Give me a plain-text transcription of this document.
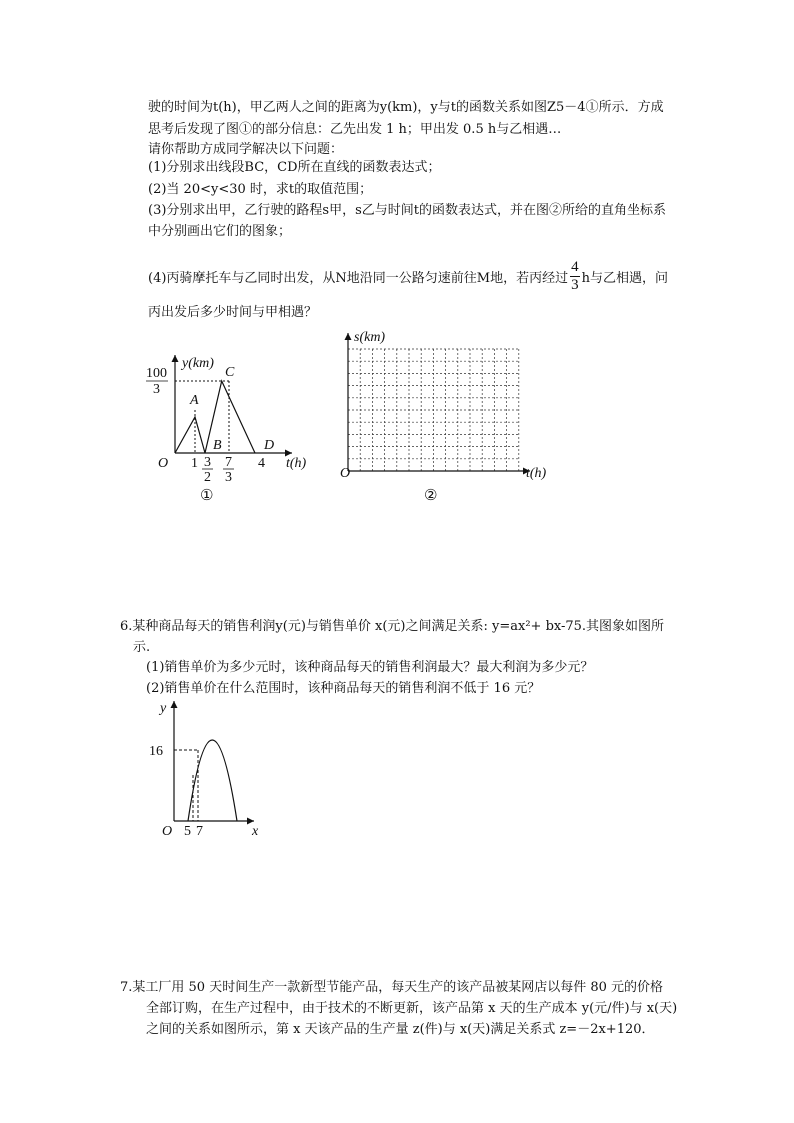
驶的时间为t(h)，甲乙两人之间的距离为y(km)，y与t的函数关系如图Z5－4①所示．方成
思考后发现了图①的部分信息：乙先出发 1 h；甲出发 0.5 h与乙相遇…
请你帮助方成同学解决以下问题：
(1)分别求出线段BC，CD所在直线的函数表达式；
(2)当 20<y<30 时，求t的取值范围；
(3)分别求出甲，乙行驶的路程s甲，s乙与时间t的函数表达式，并在图②所给的直角坐标系
中分别画出它们的图象；
(4)丙骑摩托车与乙同时出发，从N地沿同一公路匀速前往M地，若丙经过 $\frac{4}{3}$ h与乙相遇，问
丙出发后多少时间与甲相遇？
y(km)
t(h)
O
100
3
A
B
C
D
1 3
2
7
3
4
①
s(km)
t(h)
O
②
6.某种商品每天的销售利润y(元)与销售单价 x(元)之间满足关系: y=ax²+ bx-75.其图象如图所
示.
(1)销售单价为多少元时，该种商品每天的销售利润最大？最大利润为多少元？
(2)销售单价在什么范围时，该种商品每天的销售利润不低于 16 元？
y
x
O
16
5 7
7.某工厂用 50 天时间生产一款新型节能产品，每天生产的该产品被某网店以每件 80 元的价格
全部订购，在生产过程中，由于技术的不断更新，该产品第 x 天的生产成本 y(元/件)与 x(天)
之间的关系如图所示，第 x 天该产品的生产量 z(件)与 x(天)满足关系式 z=－2x+120．
